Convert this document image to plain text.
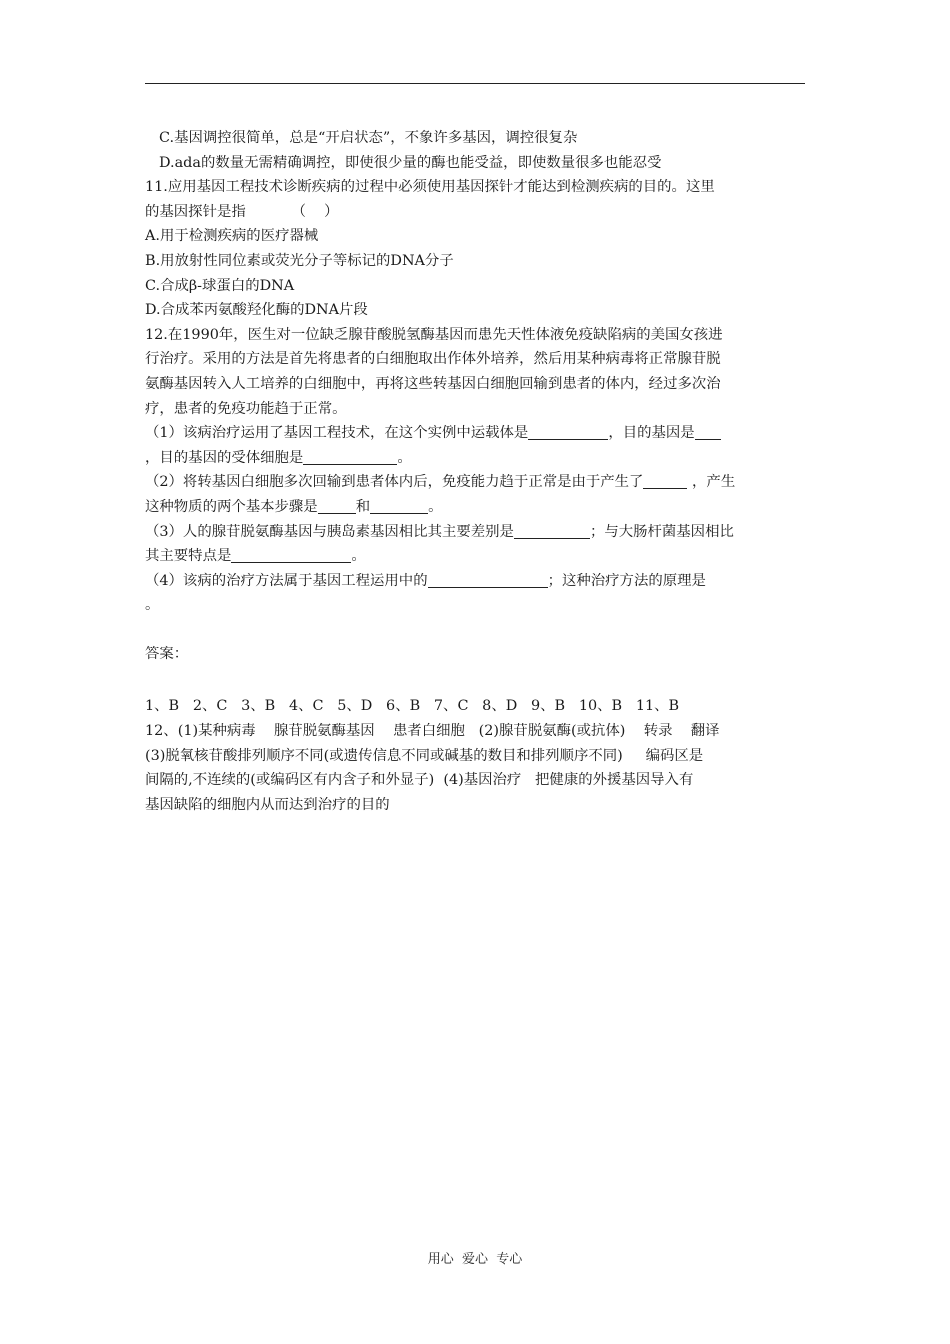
C.基因调控很简单，总是“开启状态”，不象许多基因，调控很复杂
D.ada的数量无需精确调控，即使很少量的酶也能受益，即使数量很多也能忍受
11.应用基因工程技术诊断疾病的过程中必须使用基因探针才能达到检测疾病的目的。这里
的基因探针是指          （    ）
A.用于检测疾病的医疗器械
B.用放射性同位素或荧光分子等标记的DNA分子
C.合成β-球蛋白的DNA
D.合成苯丙氨酸羟化酶的DNA片段
12.在1990年，医生对一位缺乏腺苷酸脱氢酶基因而患先天性体液免疫缺陷病的美国女孩进
行治疗。采用的方法是首先将患者的白细胞取出作体外培养，然后用某种病毒将正常腺苷脱
氨酶基因转入人工培养的白细胞中，再将这些转基因白细胞回输到患者的体内，经过多次治
疗，患者的免疫功能趋于正常。
（1）该病治疗运用了基因工程技术，在这个实例中运载体是	，目的基因是
，目的基因的受体细胞是	。
（2）将转基因白细胞多次回输到患者体内后，免疫能力趋于正常是由于产生了	，产生
这种物质的两个基本步骤是	和	。
（3）人的腺苷脱氨酶基因与胰岛素基因相比其主要差别是	；与大肠杆菌基因相比
其主要特点是	。
（4）该病的治疗方法属于基因工程运用中的	；这种治疗方法的原理是
。
答案：
1、B   2、C   3、B   4、C   5、D   6、B   7、C   8、D   9、B   10、B   11、B
12、(1)某种病毒    腺苷脱氨酶基因    患者白细胞   (2)腺苷脱氨酶(或抗体)    转录    翻译
(3)脱氧核苷酸排列顺序不同(或遗传信息不同或碱基的数目和排列顺序不同)     编码区是
间隔的,不连续的(或编码区有内含子和外显子)  (4)基因治疗   把健康的外援基因导入有
基因缺陷的细胞内从而达到治疗的目的
用心  爱心  专心
